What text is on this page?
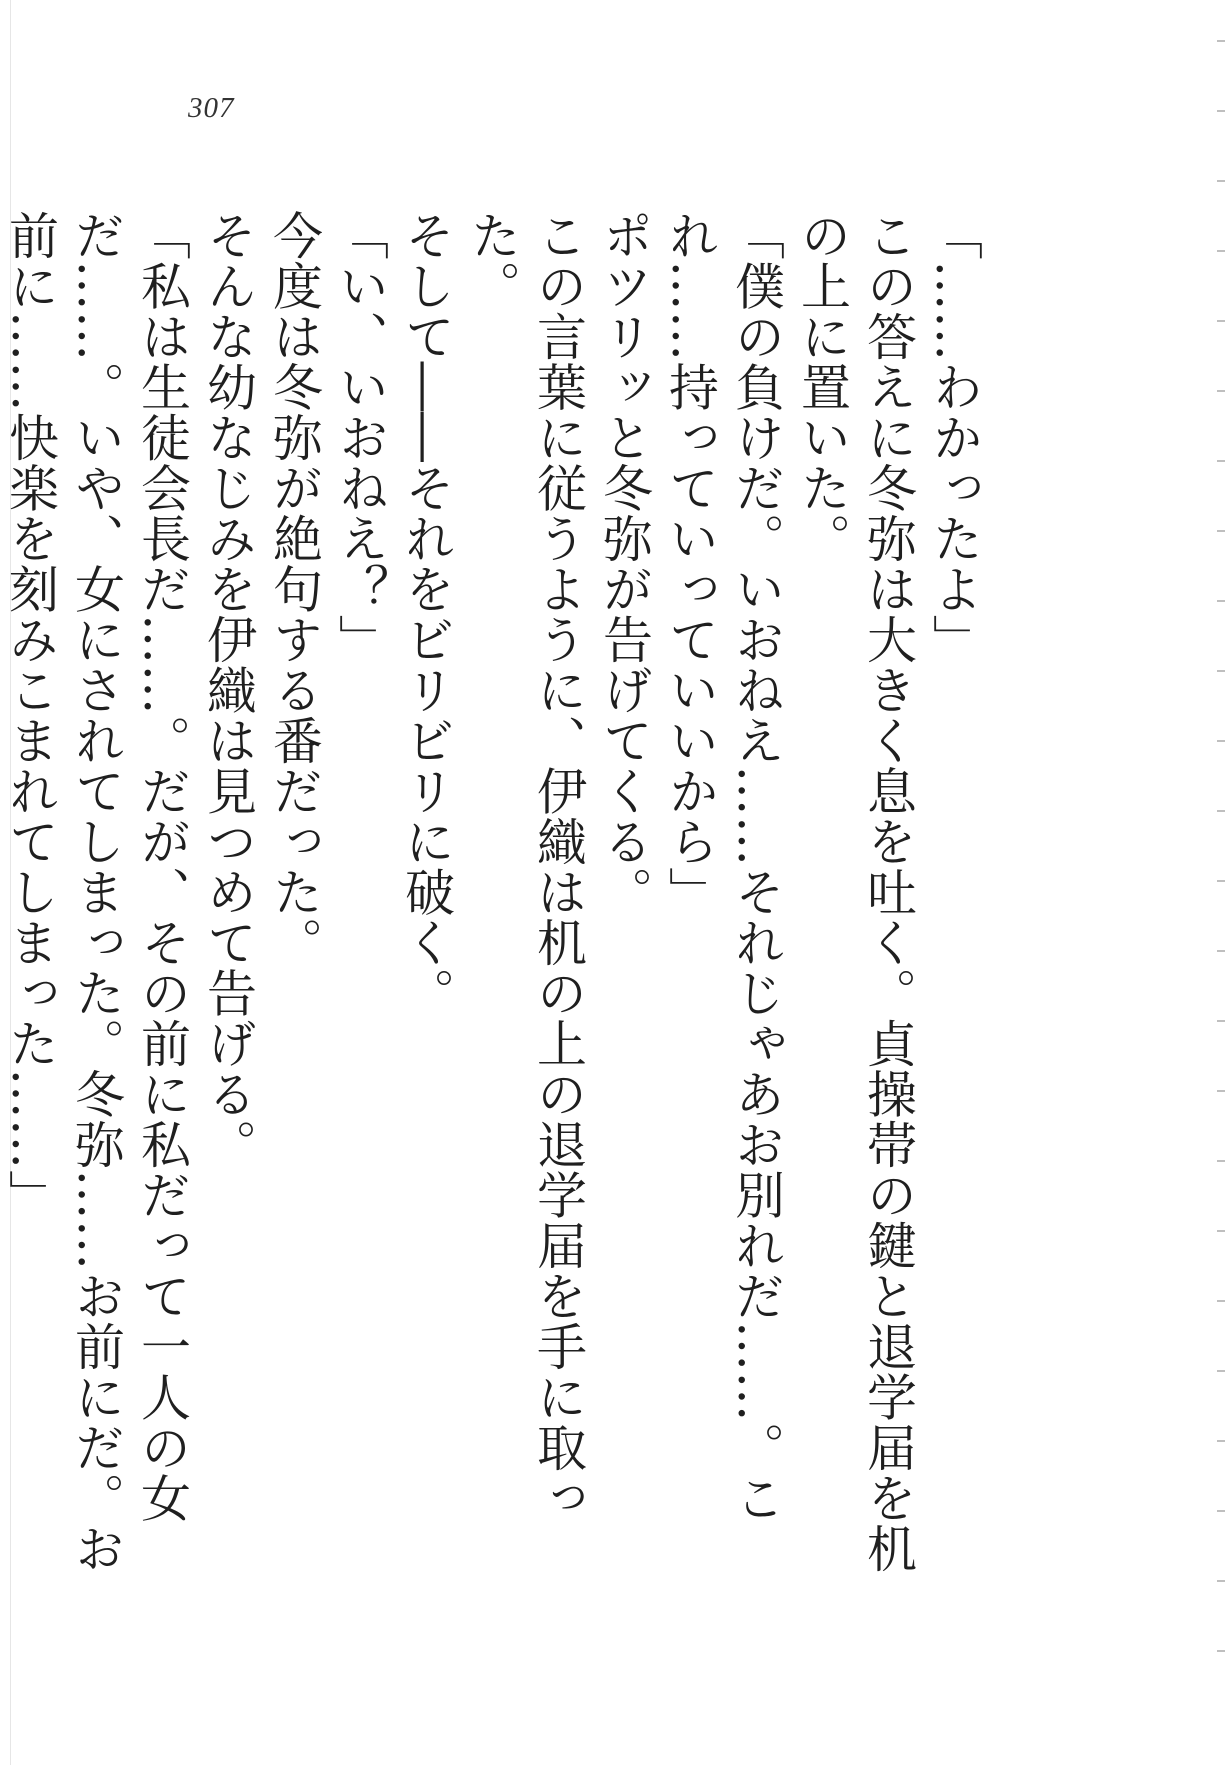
307

「……わかったよ」

この答えに冬弥は大きく息を吐く。貞操帯の鍵と退学届を机の上に置いた。

「僕の負けだ。いおねえ……それじゃあお別れだ……。これ……持っていっていいから」

ポツリッと冬弥が告げてくる。

この言葉に従うように、伊織は机の上の退学届を手に取った。

そして――それをビリビリに破く。

「い、いおねえ？」

今度は冬弥が絶句する番だった。

そんな幼なじみを伊織は見つめて告げる。

「私は生徒会長だ……。だが、その前に私だって一人の女だ……。いや、女にされてしまった。冬弥……お前にだ。お前に……快楽を刻みこまれてしまった……」
